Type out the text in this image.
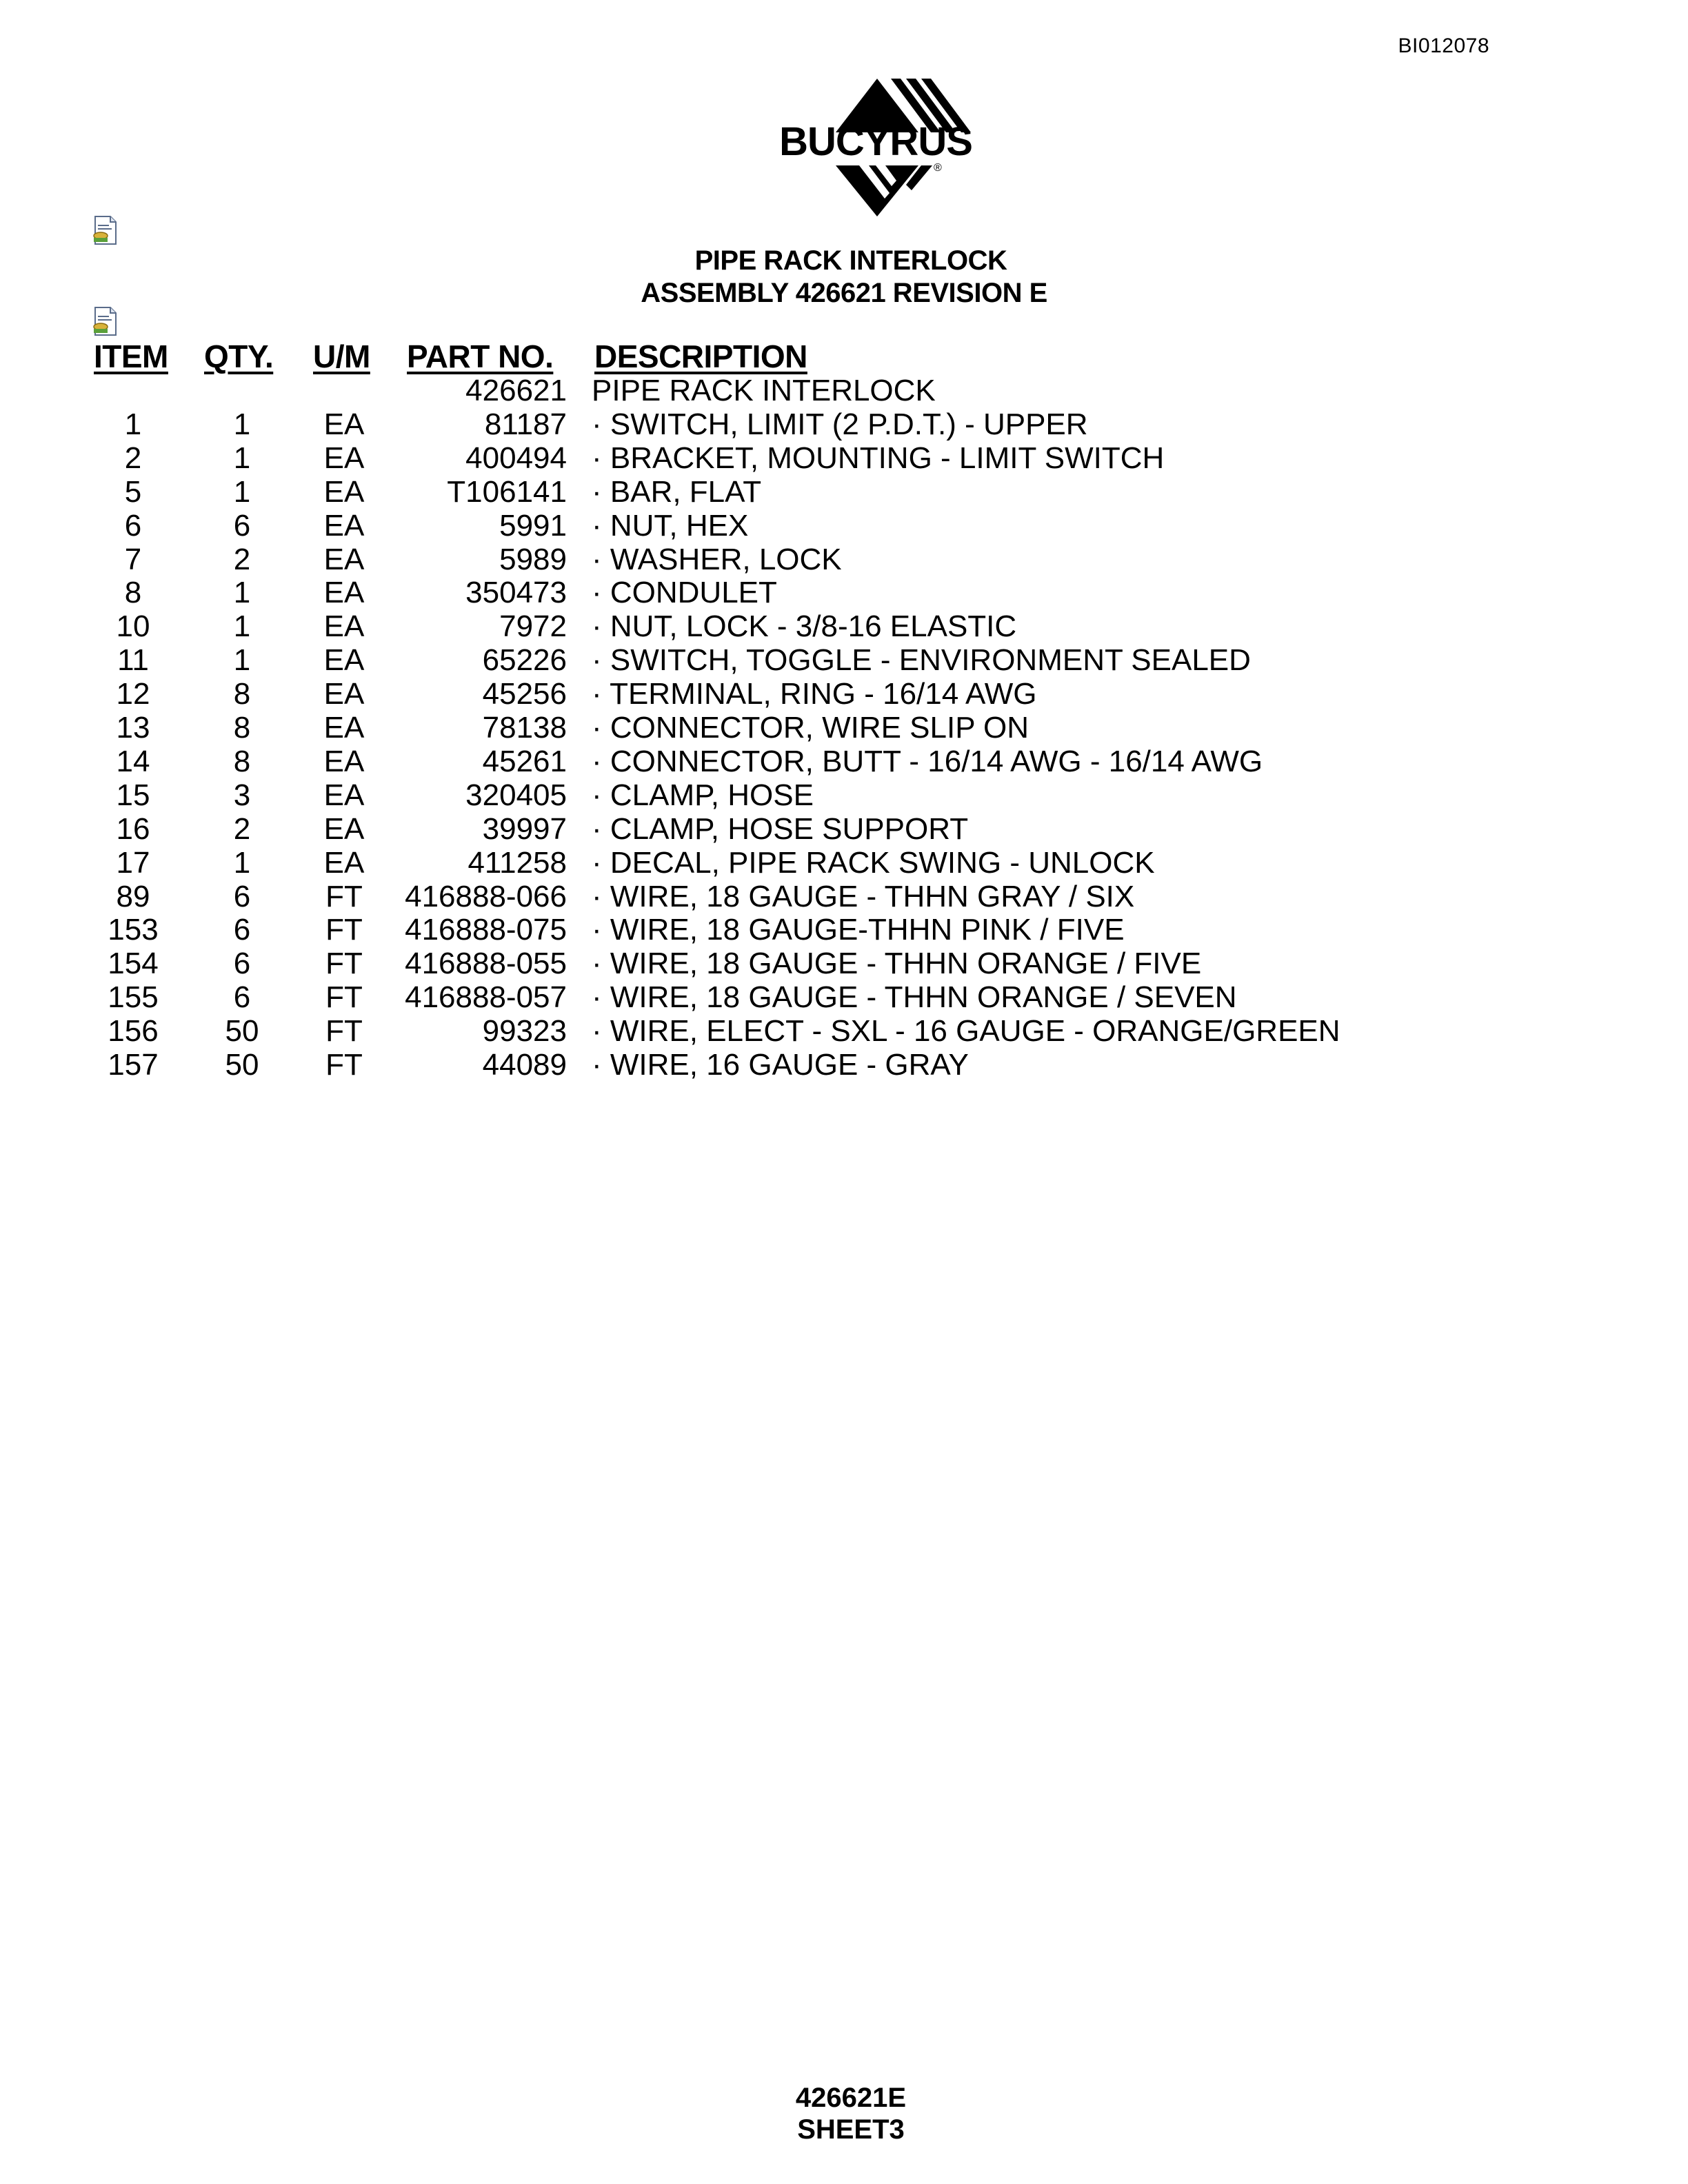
BI012078
BUCYRUS
®
PIPE RACK INTERLOCK
ASSEMBLY 426621 REVISION E
ITEM QTY. U/M PART NO. DESCRIPTION
426621 PIPE RACK INTERLOCK
1	1	EA	81187 · SWITCH, LIMIT (2 P.D.T.) - UPPER
2	1	EA	400494 · BRACKET, MOUNTING - LIMIT SWITCH
5	1	EA	T106141 · BAR, FLAT
6	6	EA	5991 · NUT, HEX
7	2	EA	5989 · WASHER, LOCK
8	1	EA	350473 · CONDULET
10	1	EA	7972 · NUT, LOCK - 3/8-16 ELASTIC
11	1	EA	65226 · SWITCH, TOGGLE - ENVIRONMENT SEALED
12	8	EA	45256 · TERMINAL, RING - 16/14 AWG
13	8	EA	78138 · CONNECTOR, WIRE SLIP ON
14	8	EA	45261 · CONNECTOR, BUTT - 16/14 AWG - 16/14 AWG
15	3	EA	320405 · CLAMP, HOSE
16	2	EA	39997 · CLAMP, HOSE SUPPORT
17	1	EA	411258 · DECAL, PIPE RACK SWING - UNLOCK
89	6	FT	416888-066 · WIRE, 18 GAUGE - THHN GRAY / SIX
153	6	FT	416888-075 · WIRE, 18 GAUGE-THHN PINK / FIVE
154	6	FT	416888-055 · WIRE, 18 GAUGE - THHN ORANGE / FIVE
155	6	FT	416888-057 · WIRE, 18 GAUGE - THHN ORANGE / SEVEN
156	50	FT	99323 · WIRE, ELECT - SXL - 16 GAUGE - ORANGE/GREEN
157	50	FT	44089 · WIRE, 16 GAUGE - GRAY
426621E
SHEET3
